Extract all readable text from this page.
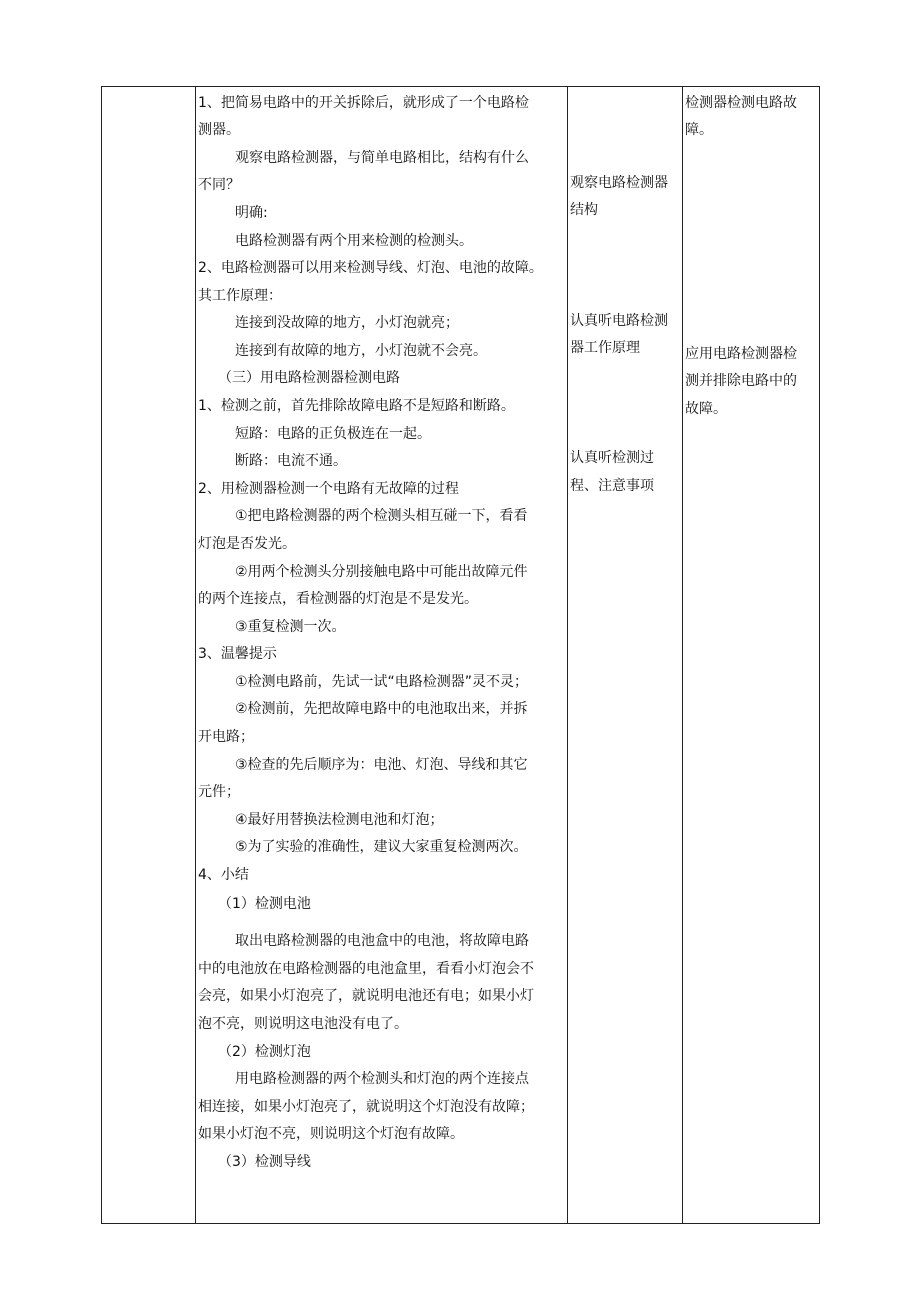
1、把简易电路中的开关拆除后，就形成了一个电路检
测器。
观察电路检测器，与简单电路相比，结构有什么
不同？
明确:
电路检测器有两个用来检测的检测头。
2、电路检测器可以用来检测导线、灯泡、电池的故障。
其工作原理：
连接到没故障的地方，小灯泡就亮；
连接到有故障的地方，小灯泡就不会亮。
（三）用电路检测器检测电路
1、检测之前，首先排除故障电路不是短路和断路。
短路：电路的正负极连在一起。
断路：电流不通。
2、用检测器检测一个电路有无故障的过程
①把电路检测器的两个检测头相互碰一下，看看
灯泡是否发光。
②用两个检测头分别接触电路中可能出故障元件
的两个连接点，看检测器的灯泡是不是发光。
③重复检测一次。
3、温馨提示
①检测电路前，先试一试“电路检测器”灵不灵；
②检测前，先把故障电路中的电池取出来，并拆
开电路；
③检查的先后顺序为：电池、灯泡、导线和其它
元件；
④最好用替换法检测电池和灯泡；
⑤为了实验的准确性，建议大家重复检测两次。
4、小结
（1）检测电池
取出电路检测器的电池盒中的电池，将故障电路
中的电池放在电路检测器的电池盒里，看看小灯泡会不
会亮，如果小灯泡亮了，就说明电池还有电；如果小灯
泡不亮，则说明这电池没有电了。
（2）检测灯泡
用电路检测器的两个检测头和灯泡的两个连接点
相连接，如果小灯泡亮了，就说明这个灯泡没有故障；
如果小灯泡不亮，则说明这个灯泡有故障。
（3）检测导线
观察电路检测器
结构
认真听电路检测
器工作原理
认真听检测过
程、注意事项
检测器检测电路故
障。
应用电路检测器检
测并排除电路中的
故障。
